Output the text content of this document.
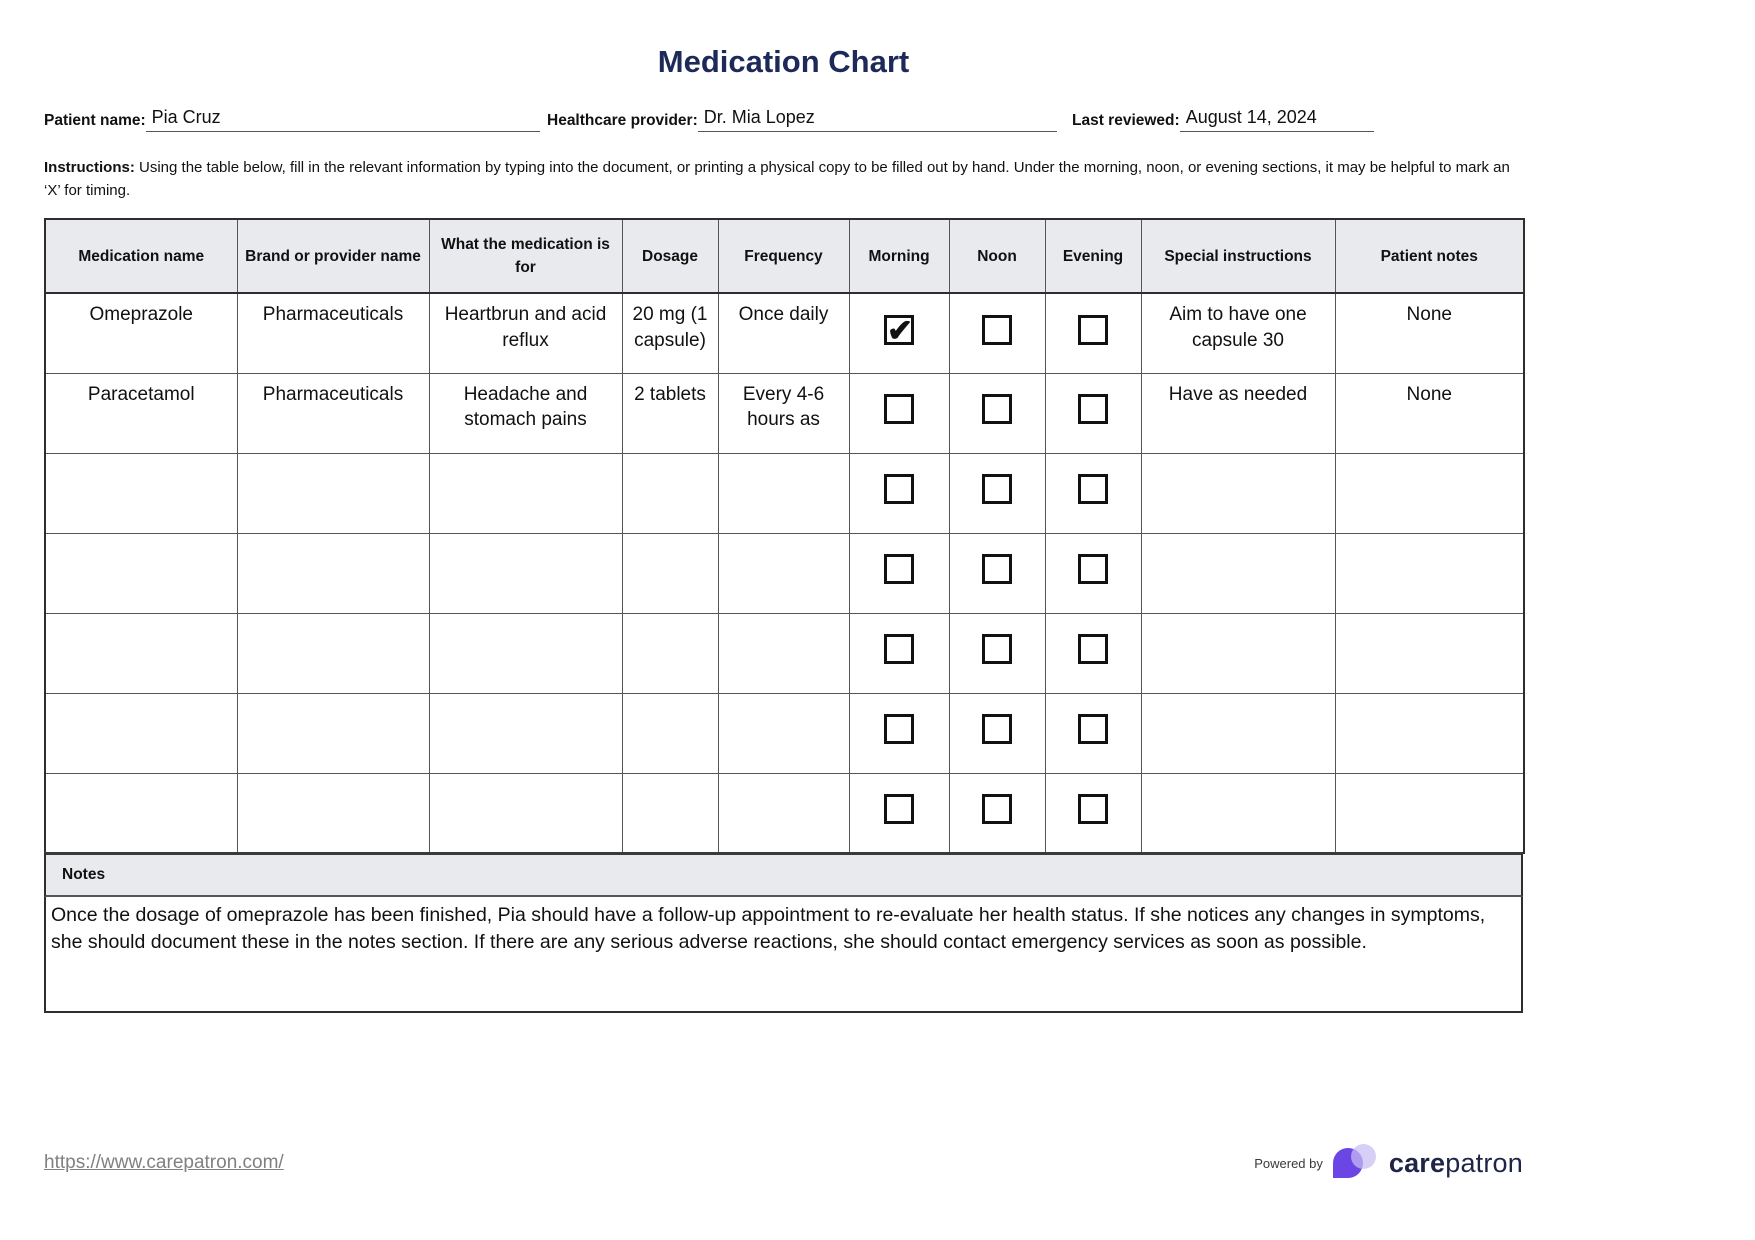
Medication Chart
Patient name: Pia Cruz	Healthcare provider: Dr. Mia Lopez	Last reviewed: August 14, 2024

Instructions: Using the table below, fill in the relevant information by typing into the document, or printing a physical copy to be filled out by hand. Under the morning, noon, or evening sections, it may be helpful to mark an ‘X’ for timing.

Medication name	Brand or provider name	What the medication is for	Dosage	Frequency	Morning	Noon	Evening	Special instructions	Patient notes
Omeprazole	Pharmaceuticals	Heartbrun and acid reflux	20 mg (1 capsule)	Once daily	✔			Aim to have one capsule 30	None
Paracetamol	Pharmaceuticals	Headache and stomach pains	2 tablets	Every 4-6 hours as				Have as needed	None

Notes
Once the dosage of omeprazole has been finished, Pia should have a follow-up appointment to re-evaluate her health status. If she notices any changes in symptoms, she should document these in the notes section. If there are any serious adverse reactions, she should contact emergency services as soon as possible.
https://www.carepatron.com/	Powered by carepatron
